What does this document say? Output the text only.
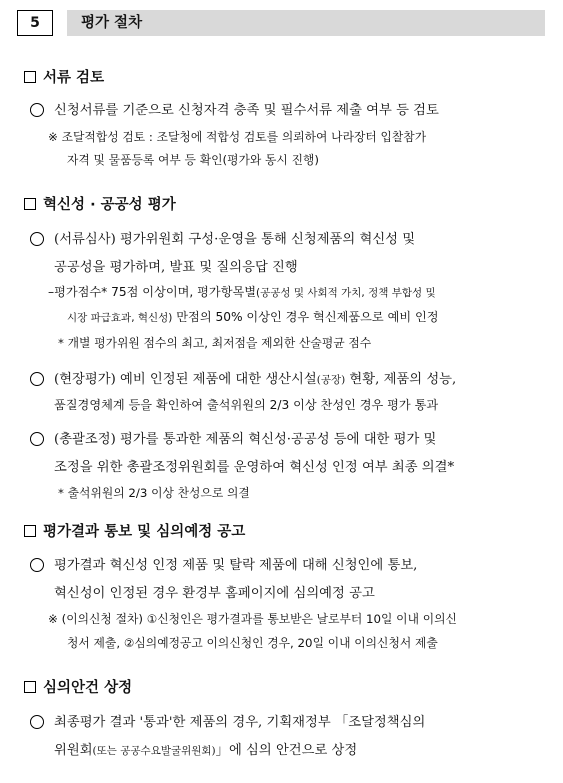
5	평가 절차
서류 검토
신청서류를 기준으로 신청자격 충족 및 필수서류 제출 여부 등 검토
※ 조달적합성 검토 : 조달청에 적합성 검토를 의뢰하여 나라장터 입찰참가
자격 및 물품등록 여부 등 확인(평가와 동시 진행)
혁신성 · 공공성 평가
(서류심사) 평가위원회 구성·운영을 통해 신청제품의 혁신성 및
공공성을 평가하며, 발표 및 질의응답 진행
–평가점수* 75점 이상이며, 평가항목별(공공성 및 사회적 가치, 정책 부합성 및
시장 파급효과, 혁신성) 만점의 50% 이상인 경우 혁신제품으로 예비 인정
* 개별 평가위원 점수의 최고, 최저점을 제외한 산술평균 점수
(현장평가) 예비 인정된 제품에 대한 생산시설(공장) 현황, 제품의 성능,
품질경영체계 등을 확인하여 출석위원의 2/3 이상 찬성인 경우 평가 통과
(총괄조정) 평가를 통과한 제품의 혁신성·공공성 등에 대한 평가 및
조정을 위한 총괄조정위원회를 운영하여 혁신성 인정 여부 최종 의결*
* 출석위원의 2/3 이상 찬성으로 의결
평가결과 통보 및 심의예정 공고
평가결과 혁신성 인정 제품 및 탈락 제품에 대해 신청인에 통보,
혁신성이 인정된 경우 환경부 홈페이지에 심의예정 공고
※ (이의신청 절차) ①신청인은 평가결과를 통보받은 날로부터 10일 이내 이의신
청서 제출, ②심의예정공고 이의신청인 경우, 20일 이내 이의신청서 제출
심의안건 상정
최종평가 결과 '통과'한 제품의 경우, 기획재정부 「조달정책심의
위원회(또는 공공수요발굴위원회)」에 심의 안건으로 상정
